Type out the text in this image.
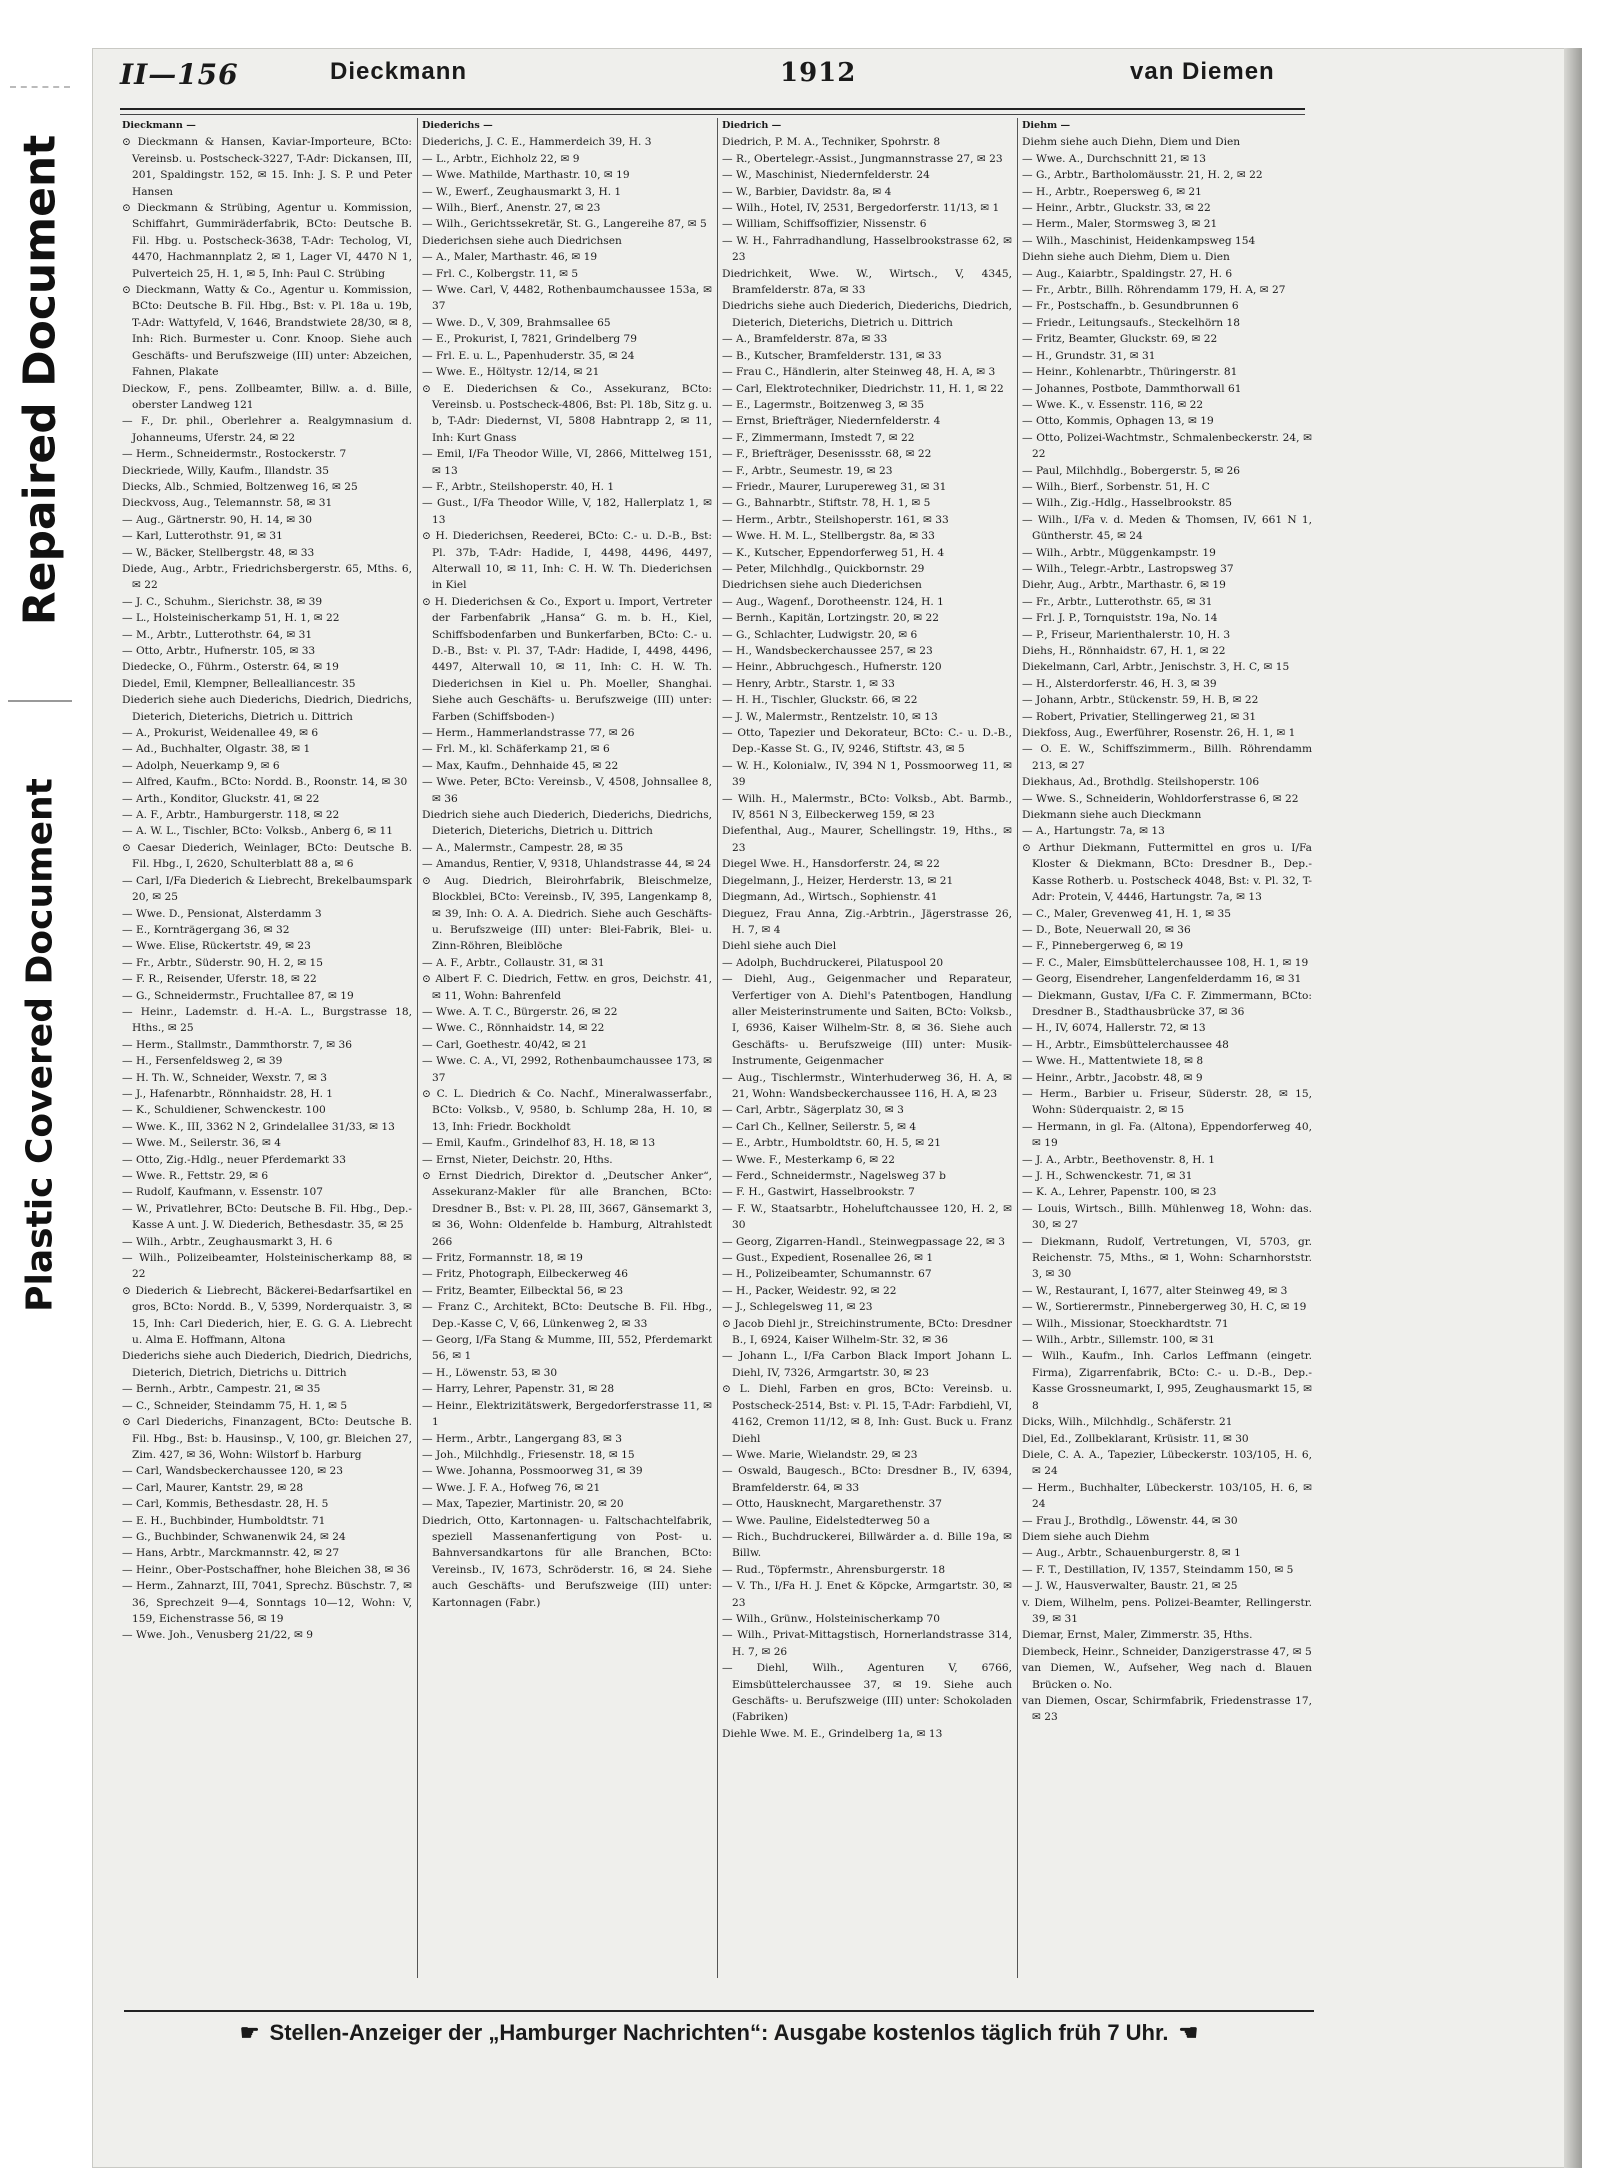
Repaired Document
Plastic Covered Document
II—156	Dieckmann	1912	van Diemen
Dieckmann —

⊙ Dieckmann & Hansen, Kaviar-Importeure, BCto: Vereinsb. u. Postscheck-3227, T-Adr: Dickansen, III, 201, Spaldingstr. 152, ✉ 15. Inh: J. S. P. und Peter Hansen

⊙ Dieckmann & Strübing, Agentur u. Kommission, Schiffahrt, Gummiräderfabrik, BCto: Deutsche B. Fil. Hbg. u. Postscheck-3638, T-Adr: Techolog, VI, 4470, Hachmannplatz 2, ✉ 1, Lager VI, 4470 N 1, Pulverteich 25, H. 1, ✉ 5, Inh: Paul C. Strübing

⊙ Dieckmann, Watty & Co., Agentur u. Kommission, BCto: Deutsche B. Fil. Hbg., Bst: v. Pl. 18a u. 19b, T-Adr: Wattyfeld, V, 1646, Brandstwiete 28/30, ✉ 8, Inh: Rich. Burmester u. Conr. Knoop. Siehe auch Geschäfts- und Berufszweige (III) unter: Abzeichen, Fahnen, Plakate

Dieckow, F., pens. Zollbeamter, Billw. a. d. Bille, oberster Landweg 121

— F., Dr. phil., Oberlehrer a. Realgymnasium d. Johanneums, Uferstr. 24, ✉ 22

— Herm., Schneidermstr., Rostockerstr. 7

Dieckriede, Willy, Kaufm., Illandstr. 35

Diecks, Alb., Schmied, Boltzenweg 16, ✉ 25

Dieckvoss, Aug., Telemannstr. 58, ✉ 31

— Aug., Gärtnerstr. 90, H. 14, ✉ 30

— Karl, Lutterothstr. 91, ✉ 31

— W., Bäcker, Stellbergstr. 48, ✉ 33

Diede, Aug., Arbtr., Friedrichsbergerstr. 65, Mths. 6, ✉ 22

— J. C., Schuhm., Sierichstr. 38, ✉ 39

— L., Holsteinischerkamp 51, H. 1, ✉ 22

— M., Arbtr., Lutterothstr. 64, ✉ 31

— Otto, Arbtr., Hufnerstr. 105, ✉ 33

Diedecke, O., Führm., Osterstr. 64, ✉ 19

Diedel, Emil, Klempner, Bellealliancestr. 35

Diederich siehe auch Diederichs, Diedrich, Diedrichs, Dieterich, Dieterichs, Dietrich u. Dittrich

— A., Prokurist, Weidenallee 49, ✉ 6

— Ad., Buchhalter, Olgastr. 38, ✉ 1

— Adolph, Neuerkamp 9, ✉ 6

— Alfred, Kaufm., BCto: Nordd. B., Roonstr. 14, ✉ 30

— Arth., Konditor, Gluckstr. 41, ✉ 22

— A. F., Arbtr., Hamburgerstr. 118, ✉ 22

— A. W. L., Tischler, BCto: Volksb., Anberg 6, ✉ 11

⊙ Caesar Diederich, Weinlager, BCto: Deutsche B. Fil. Hbg., I, 2620, Schulterblatt 88 a, ✉ 6

— Carl, I/Fa Diederich & Liebrecht, Brekelbaumspark 20, ✉ 25

— Wwe. D., Pensionat, Alsterdamm 3

— E., Kornträgergang 36, ✉ 32

— Wwe. Elise, Rückertstr. 49, ✉ 23

— Fr., Arbtr., Süderstr. 90, H. 2, ✉ 15

— F. R., Reisender, Uferstr. 18, ✉ 22

— G., Schneidermstr., Fruchtallee 87, ✉ 19

— Heinr., Lademstr. d. H.-A. L., Burgstrasse 18, Hths., ✉ 25

— Herm., Stallmstr., Dammthorstr. 7, ✉ 36

— H., Fersenfeldsweg 2, ✉ 39

— H. Th. W., Schneider, Wexstr. 7, ✉ 3

— J., Hafenarbtr., Rönnhaidstr. 28, H. 1

— K., Schuldiener, Schwenckestr. 100

— Wwe. K., III, 3362 N 2, Grindelallee 31/33, ✉ 13

— Wwe. M., Seilerstr. 36, ✉ 4

— Otto, Zig.-Hdlg., neuer Pferdemarkt 33

— Wwe. R., Fettstr. 29, ✉ 6

— Rudolf, Kaufmann, v. Essenstr. 107

— W., Privatlehrer, BCto: Deutsche B. Fil. Hbg., Dep.-Kasse A unt. J. W. Diederich, Bethesdastr. 35, ✉ 25

— Wilh., Arbtr., Zeughausmarkt 3, H. 6

— Wilh., Polizeibeamter, Holsteinischerkamp 88, ✉ 22

⊙ Diederich & Liebrecht, Bäckerei-Bedarfsartikel en gros, BCto: Nordd. B., V, 5399, Norderquaistr. 3, ✉ 15, Inh: Carl Diederich, hier, E. G. G. A. Liebrecht u. Alma E. Hoffmann, Altona

Diederichs siehe auch Diederich, Diedrich, Diedrichs, Dieterich, Dietrich, Dietrichs u. Dittrich

— Bernh., Arbtr., Campestr. 21, ✉ 35

— C., Schneider, Steindamm 75, H. 1, ✉ 5

⊙ Carl Diederichs, Finanzagent, BCto: Deutsche B. Fil. Hbg., Bst: b. Hausinsp., V, 100, gr. Bleichen 27, Zim. 427, ✉ 36, Wohn: Wilstorf b. Harburg

— Carl, Wandsbeckerchaussee 120, ✉ 23

— Carl, Maurer, Kantstr. 29, ✉ 28

— Carl, Kommis, Bethesdastr. 28, H. 5

— E. H., Buchbinder, Humboldtstr. 71

— G., Buchbinder, Schwanenwik 24, ✉ 24

— Hans, Arbtr., Marckmannstr. 42, ✉ 27

— Heinr., Ober-Postschaffner, hohe Bleichen 38, ✉ 36

— Herm., Zahnarzt, III, 7041, Sprechz. Büschstr. 7, ✉ 36, Sprechzeit 9—4, Sonntags 10—12, Wohn: V, 159, Eichenstrasse 56, ✉ 19

— Wwe. Joh., Venusberg 21/22, ✉ 9

Diederichs —

Diederichs, J. C. E., Hammerdeich 39, H. 3

— L., Arbtr., Eichholz 22, ✉ 9

— Wwe. Mathilde, Marthastr. 10, ✉ 19

— W., Ewerf., Zeughausmarkt 3, H. 1

— Wilh., Bierf., Anenstr. 27, ✉ 23

— Wilh., Gerichtssekretär, St. G., Langereihe 87, ✉ 5

Diederichsen siehe auch Diedrichsen

— A., Maler, Marthastr. 46, ✉ 19

— Frl. C., Kolbergstr. 11, ✉ 5

— Wwe. Carl, V, 4482, Rothenbaumchaussee 153a, ✉ 37

— Wwe. D., V, 309, Brahmsallee 65

— E., Prokurist, I, 7821, Grindelberg 79

— Frl. E. u. L., Papenhuderstr. 35, ✉ 24

— Wwe. E., Höltystr. 12/14, ✉ 21

⊙ E. Diederichsen & Co., Assekuranz, BCto: Vereinsb. u. Postscheck-4806, Bst: Pl. 18b, Sitz g. u. b, T-Adr: Diedernst, VI, 5808 Habntrapp 2, ✉ 11, Inh: Kurt Gnass

— Emil, I/Fa Theodor Wille, VI, 2866, Mittelweg 151, ✉ 13

— F., Arbtr., Steilshoperstr. 40, H. 1

— Gust., I/Fa Theodor Wille, V, 182, Hallerplatz 1, ✉ 13

⊙ H. Diederichsen, Reederei, BCto: C.- u. D.-B., Bst: Pl. 37b, T-Adr: Hadide, I, 4498, 4496, 4497, Alterwall 10, ✉ 11, Inh: C. H. W. Th. Diederichsen in Kiel

⊙ H. Diederichsen & Co., Export u. Import, Vertreter der Farbenfabrik „Hansa“ G. m. b. H., Kiel, Schiffsbodenfarben und Bunkerfarben, BCto: C.- u. D.-B., Bst: v. Pl. 37, T-Adr: Hadide, I, 4498, 4496, 4497, Alterwall 10, ✉ 11, Inh: C. H. W. Th. Diederichsen in Kiel u. Ph. Moeller, Shanghai. Siehe auch Geschäfts- u. Berufszweige (III) unter: Farben (Schiffsboden-)

— Herm., Hammerlandstrasse 77, ✉ 26

— Frl. M., kl. Schäferkamp 21, ✉ 6

— Max, Kaufm., Dehnhaide 45, ✉ 22

— Wwe. Peter, BCto: Vereinsb., V, 4508, Johnsallee 8, ✉ 36

Diedrich siehe auch Diederich, Diederichs, Diedrichs, Dieterich, Dieterichs, Dietrich u. Dittrich

— A., Malermstr., Campestr. 28, ✉ 35

— Amandus, Rentier, V, 9318, Uhlandstrasse 44, ✉ 24

⊙ Aug. Diedrich, Bleirohrfabrik, Bleischmelze, Blockblei, BCto: Vereinsb., IV, 395, Langenkamp 8, ✉ 39, Inh: O. A. A. Diedrich. Siehe auch Geschäfts- u. Berufszweige (III) unter: Blei-Fabrik, Blei- u. Zinn-Röhren, Bleiblöche

— A. F., Arbtr., Collaustr. 31, ✉ 31

⊙ Albert F. C. Diedrich, Fettw. en gros, Deichstr. 41, ✉ 11, Wohn: Bahrenfeld

— Wwe. A. T. C., Bürgerstr. 26, ✉ 22

— Wwe. C., Rönnhaidstr. 14, ✉ 22

— Carl, Goethestr. 40/42, ✉ 21

— Wwe. C. A., VI, 2992, Rothenbaumchaussee 173, ✉ 37

⊙ C. L. Diedrich & Co. Nachf., Mineralwasserfabr., BCto: Volksb., V, 9580, b. Schlump 28a, H. 10, ✉ 13, Inh: Friedr. Bockholdt

— Emil, Kaufm., Grindelhof 83, H. 18, ✉ 13

— Ernst, Nieter, Deichstr. 20, Hths.

⊙ Ernst Diedrich, Direktor d. „Deutscher Anker“, Assekuranz-Makler für alle Branchen, BCto: Dresdner B., Bst: v. Pl. 28, III, 3667, Gänsemarkt 3, ✉ 36, Wohn: Oldenfelde b. Hamburg, Altrahlstedt 266

— Fritz, Formannstr. 18, ✉ 19

— Fritz, Photograph, Eilbeckerweg 46

— Fritz, Beamter, Eilbecktal 56, ✉ 23

— Franz C., Architekt, BCto: Deutsche B. Fil. Hbg., Dep.-Kasse C, V, 66, Lünkenweg 2, ✉ 33

— Georg, I/Fa Stang & Mumme, III, 552, Pferdemarkt 56, ✉ 1

— H., Löwenstr. 53, ✉ 30

— Harry, Lehrer, Papenstr. 31, ✉ 28

— Heinr., Elektrizitätswerk, Bergedorferstrasse 11, ✉ 1

— Herm., Arbtr., Langergang 83, ✉ 3

— Joh., Milchhdlg., Friesenstr. 18, ✉ 15

— Wwe. Johanna, Possmoorweg 31, ✉ 39

— Wwe. J. F. A., Hofweg 76, ✉ 21

— Max, Tapezier, Martinistr. 20, ✉ 20

Diedrich, Otto, Kartonnagen- u. Faltschachtelfabrik, speziell Massenanfertigung von Post- u. Bahnversandkartons für alle Branchen, BCto: Vereinsb., IV, 1673, Schröderstr. 16, ✉ 24. Siehe auch Geschäfts- und Berufszweige (III) unter: Kartonnagen (Fabr.)

Diedrich —

Diedrich, P. M. A., Techniker, Spohrstr. 8

— R., Obertelegr.-Assist., Jungmannstrasse 27, ✉ 23

— W., Maschinist, Niedernfelderstr. 24

— W., Barbier, Davidstr. 8a, ✉ 4

— Wilh., Hotel, IV, 2531, Bergedorferstr. 11/13, ✉ 1

— William, Schiffsoffizier, Nissenstr. 6

— W. H., Fahrradhandlung, Hasselbrookstrasse 62, ✉ 23

Diedrichkeit, Wwe. W., Wirtsch., V, 4345, Bramfelderstr. 87a, ✉ 33

Diedrichs siehe auch Diederich, Diederichs, Diedrich, Dieterich, Dieterichs, Dietrich u. Dittrich

— A., Bramfelderstr. 87a, ✉ 33

— B., Kutscher, Bramfelderstr. 131, ✉ 33

— Frau C., Händlerin, alter Steinweg 48, H. A, ✉ 3

— Carl, Elektrotechniker, Diedrichstr. 11, H. 1, ✉ 22

— E., Lagermstr., Boitzenweg 3, ✉ 35

— Ernst, Briefträger, Niedernfelderstr. 4

— F., Zimmermann, Imstedt 7, ✉ 22

— F., Briefträger, Desenissstr. 68, ✉ 22

— F., Arbtr., Seumestr. 19, ✉ 23

— Friedr., Maurer, Lurupereweg 31, ✉ 31

— G., Bahnarbtr., Stiftstr. 78, H. 1, ✉ 5

— Herm., Arbtr., Steilshoperstr. 161, ✉ 33

— Wwe. H. M. L., Stellbergstr. 8a, ✉ 33

— K., Kutscher, Eppendorferweg 51, H. 4

— Peter, Milchhdlg., Quickbornstr. 29

Diedrichsen siehe auch Diederichsen

— Aug., Wagenf., Dorotheenstr. 124, H. 1

— Bernh., Kapitän, Lortzingstr. 20, ✉ 22

— G., Schlachter, Ludwigstr. 20, ✉ 6

— H., Wandsbeckerchaussee 257, ✉ 23

— Heinr., Abbruchgesch., Hufnerstr. 120

— Henry, Arbtr., Starstr. 1, ✉ 33

— H. H., Tischler, Gluckstr. 66, ✉ 22

— J. W., Malermstr., Rentzelstr. 10, ✉ 13

— Otto, Tapezier und Dekorateur, BCto: C.- u. D.-B., Dep.-Kasse St. G., IV, 9246, Stiftstr. 43, ✉ 5

— W. H., Kolonialw., IV, 394 N 1, Possmoorweg 11, ✉ 39

— Wilh. H., Malermstr., BCto: Volksb., Abt. Barmb., IV, 8561 N 3, Eilbeckerweg 159, ✉ 23

Diefenthal, Aug., Maurer, Schellingstr. 19, Hths., ✉ 23

Diegel Wwe. H., Hansdorferstr. 24, ✉ 22

Diegelmann, J., Heizer, Herderstr. 13, ✉ 21

Diegmann, Ad., Wirtsch., Sophienstr. 41

Dieguez, Frau Anna, Zig.-Arbtrin., Jägerstrasse 26, H. 7, ✉ 4

Diehl siehe auch Diel

— Adolph, Buchdruckerei, Pilatuspool 20

— Diehl, Aug., Geigenmacher und Reparateur, Verfertiger von A. Diehl's Patentbogen, Handlung aller Meisterinstrumente und Saiten, BCto: Volksb., I, 6936, Kaiser Wilhelm-Str. 8, ✉ 36. Siehe auch Geschäfts- u. Berufszweige (III) unter: Musik-Instrumente, Geigenmacher

— Aug., Tischlermstr., Winterhuderweg 36, H. A, ✉ 21, Wohn: Wandsbeckerchaussee 116, H. A, ✉ 23

— Carl, Arbtr., Sägerplatz 30, ✉ 3

— Carl Ch., Kellner, Seilerstr. 5, ✉ 4

— E., Arbtr., Humboldtstr. 60, H. 5, ✉ 21

— Wwe. F., Mesterkamp 6, ✉ 22

— Ferd., Schneidermstr., Nagelsweg 37 b

— F. H., Gastwirt, Hasselbrookstr. 7

— F. W., Staatsarbtr., Hoheluftchaussee 120, H. 2, ✉ 30

— Georg, Zigarren-Handl., Steinwegpassage 22, ✉ 3

— Gust., Expedient, Rosenallee 26, ✉ 1

— H., Polizeibeamter, Schumannstr. 67

— H., Packer, Weidestr. 92, ✉ 22

— J., Schlegelsweg 11, ✉ 23

⊙ Jacob Diehl jr., Streichinstrumente, BCto: Dresdner B., I, 6924, Kaiser Wilhelm-Str. 32, ✉ 36

— Johann L., I/Fa Carbon Black Import Johann L. Diehl, IV, 7326, Armgartstr. 30, ✉ 23

⊙ L. Diehl, Farben en gros, BCto: Vereinsb. u. Postscheck-2514, Bst: v. Pl. 15, T-Adr: Farbdiehl, VI, 4162, Cremon 11/12, ✉ 8, Inh: Gust. Buck u. Franz Diehl

— Wwe. Marie, Wielandstr. 29, ✉ 23

— Oswald, Baugesch., BCto: Dresdner B., IV, 6394, Bramfelderstr. 64, ✉ 33

— Otto, Hausknecht, Margarethenstr. 37

— Wwe. Pauline, Eidelstedterweg 50 a

— Rich., Buchdruckerei, Billwärder a. d. Bille 19a, ✉ Billw.

— Rud., Töpfermstr., Ahrensburgerstr. 18

— V. Th., I/Fa H. J. Enet & Köpcke, Armgartstr. 30, ✉ 23

— Wilh., Grünw., Holsteinischerkamp 70

— Wilh., Privat-Mittagstisch, Hornerlandstrasse 314, H. 7, ✉ 26

— Diehl, Wilh., Agenturen V, 6766, Eimsbüttelerchaussee 37, ✉ 19. Siehe auch Geschäfts- u. Berufszweige (III) unter: Schokoladen (Fabriken)

Diehle Wwe. M. E., Grindelberg 1a, ✉ 13

Diehm —

Diehm siehe auch Diehn, Diem und Dien

— Wwe. A., Durchschnitt 21, ✉ 13

— G., Arbtr., Bartholomäusstr. 21, H. 2, ✉ 22

— H., Arbtr., Roepersweg 6, ✉ 21

— Heinr., Arbtr., Gluckstr. 33, ✉ 22

— Herm., Maler, Stormsweg 3, ✉ 21

— Wilh., Maschinist, Heidenkampsweg 154

Diehn siehe auch Diehm, Diem u. Dien

— Aug., Kaiarbtr., Spaldingstr. 27, H. 6

— Fr., Arbtr., Billh. Röhrendamm 179, H. A, ✉ 27

— Fr., Postschaffn., b. Gesundbrunnen 6

— Friedr., Leitungsaufs., Steckelhörn 18

— Fritz, Beamter, Gluckstr. 69, ✉ 22

— H., Grundstr. 31, ✉ 31

— Heinr., Kohlenarbtr., Thüringerstr. 81

— Johannes, Postbote, Dammthorwall 61

— Wwe. K., v. Essenstr. 116, ✉ 22

— Otto, Kommis, Ophagen 13, ✉ 19

— Otto, Polizei-Wachtmstr., Schmalenbeckerstr. 24, ✉ 22

— Paul, Milchhdlg., Bobergerstr. 5, ✉ 26

— Wilh., Bierf., Sorbenstr. 51, H. C

— Wilh., Zig.-Hdlg., Hasselbrookstr. 85

— Wilh., I/Fa v. d. Meden & Thomsen, IV, 661 N 1, Güntherstr. 45, ✉ 24

— Wilh., Arbtr., Müggenkampstr. 19

— Wilh., Telegr.-Arbtr., Lastropsweg 37

Diehr, Aug., Arbtr., Marthastr. 6, ✉ 19

— Fr., Arbtr., Lutterothstr. 65, ✉ 31

— Frl. J. P., Tornquiststr. 19a, No. 14

— P., Friseur, Marienthalerstr. 10, H. 3

Diehs, H., Rönnhaidstr. 67, H. 1, ✉ 22

Diekelmann, Carl, Arbtr., Jenischstr. 3, H. C, ✉ 15

— H., Alsterdorferstr. 46, H. 3, ✉ 39

— Johann, Arbtr., Stückenstr. 59, H. B, ✉ 22

— Robert, Privatier, Stellingerweg 21, ✉ 31

Diekfoss, Aug., Ewerführer, Rosenstr. 26, H. 1, ✉ 1

— O. E. W., Schiffszimmerm., Billh. Röhrendamm 213, ✉ 27

Diekhaus, Ad., Brothdlg. Steilshoperstr. 106

— Wwe. S., Schneiderin, Wohldorferstrasse 6, ✉ 22

Diekmann siehe auch Dieckmann

— A., Hartungstr. 7a, ✉ 13

⊙ Arthur Diekmann, Futtermittel en gros u. I/Fa Kloster & Diekmann, BCto: Dresdner B., Dep.-Kasse Rotherb. u. Postscheck 4048, Bst: v. Pl. 32, T-Adr: Protein, V, 4446, Hartungstr. 7a, ✉ 13

— C., Maler, Grevenweg 41, H. 1, ✉ 35

— D., Bote, Neuerwall 20, ✉ 36

— F., Pinnebergerweg 6, ✉ 19

— F. C., Maler, Eimsbüttelerchaussee 108, H. 1, ✉ 19

— Georg, Eisendreher, Langenfelderdamm 16, ✉ 31

— Diekmann, Gustav, I/Fa C. F. Zimmermann, BCto: Dresdner B., Stadthausbrücke 37, ✉ 36

— H., IV, 6074, Hallerstr. 72, ✉ 13

— H., Arbtr., Eimsbüttelerchaussee 48

— Wwe. H., Mattentwiete 18, ✉ 8

— Heinr., Arbtr., Jacobstr. 48, ✉ 9

— Herm., Barbier u. Friseur, Süderstr. 28, ✉ 15, Wohn: Süderquaistr. 2, ✉ 15

— Hermann, in gl. Fa. (Altona), Eppendorferweg 40, ✉ 19

— J. A., Arbtr., Beethovenstr. 8, H. 1

— J. H., Schwenckestr. 71, ✉ 31

— K. A., Lehrer, Papenstr. 100, ✉ 23

— Louis, Wirtsch., Billh. Mühlenweg 18, Wohn: das. 30, ✉ 27

— Diekmann, Rudolf, Vertretungen, VI, 5703, gr. Reichenstr. 75, Mths., ✉ 1, Wohn: Scharnhorststr. 3, ✉ 30

— W., Restaurant, I, 1677, alter Steinweg 49, ✉ 3

— W., Sortierermstr., Pinnebergerweg 30, H. C, ✉ 19

— Wilh., Missionar, Stoeckhardtstr. 71

— Wilh., Arbtr., Sillemstr. 100, ✉ 31

— Wilh., Kaufm., Inh. Carlos Leffmann (eingetr. Firma), Zigarrenfabrik, BCto: C.- u. D.-B., Dep.-Kasse Grossneumarkt, I, 995, Zeughausmarkt 15, ✉ 8

Dicks, Wilh., Milchhdlg., Schäferstr. 21

Diel, Ed., Zollbeklarant, Krüsistr. 11, ✉ 30

Diele, C. A. A., Tapezier, Lübeckerstr. 103/105, H. 6, ✉ 24

— Herm., Buchhalter, Lübeckerstr. 103/105, H. 6, ✉ 24

— Frau J., Brothdlg., Löwenstr. 44, ✉ 30

Diem siehe auch Diehm

— Aug., Arbtr., Schauenburgerstr. 8, ✉ 1

— F. T., Destillation, IV, 1357, Steindamm 150, ✉ 5

— J. W., Hausverwalter, Baustr. 21, ✉ 25

v. Diem, Wilhelm, pens. Polizei-Beamter, Rellingerstr. 39, ✉ 31

Diemar, Ernst, Maler, Zimmerstr. 35, Hths.

Diembeck, Heinr., Schneider, Danzigerstrasse 47, ✉ 5

van Diemen, W., Aufseher, Weg nach d. Blauen Brücken o. No.

van Diemen, Oscar, Schirmfabrik, Friedenstrasse 17, ✉ 23

☛ Stellen-Anzeiger der „Hamburger Nachrichten“: Ausgabe kostenlos täglich früh 7 Uhr. ☚
